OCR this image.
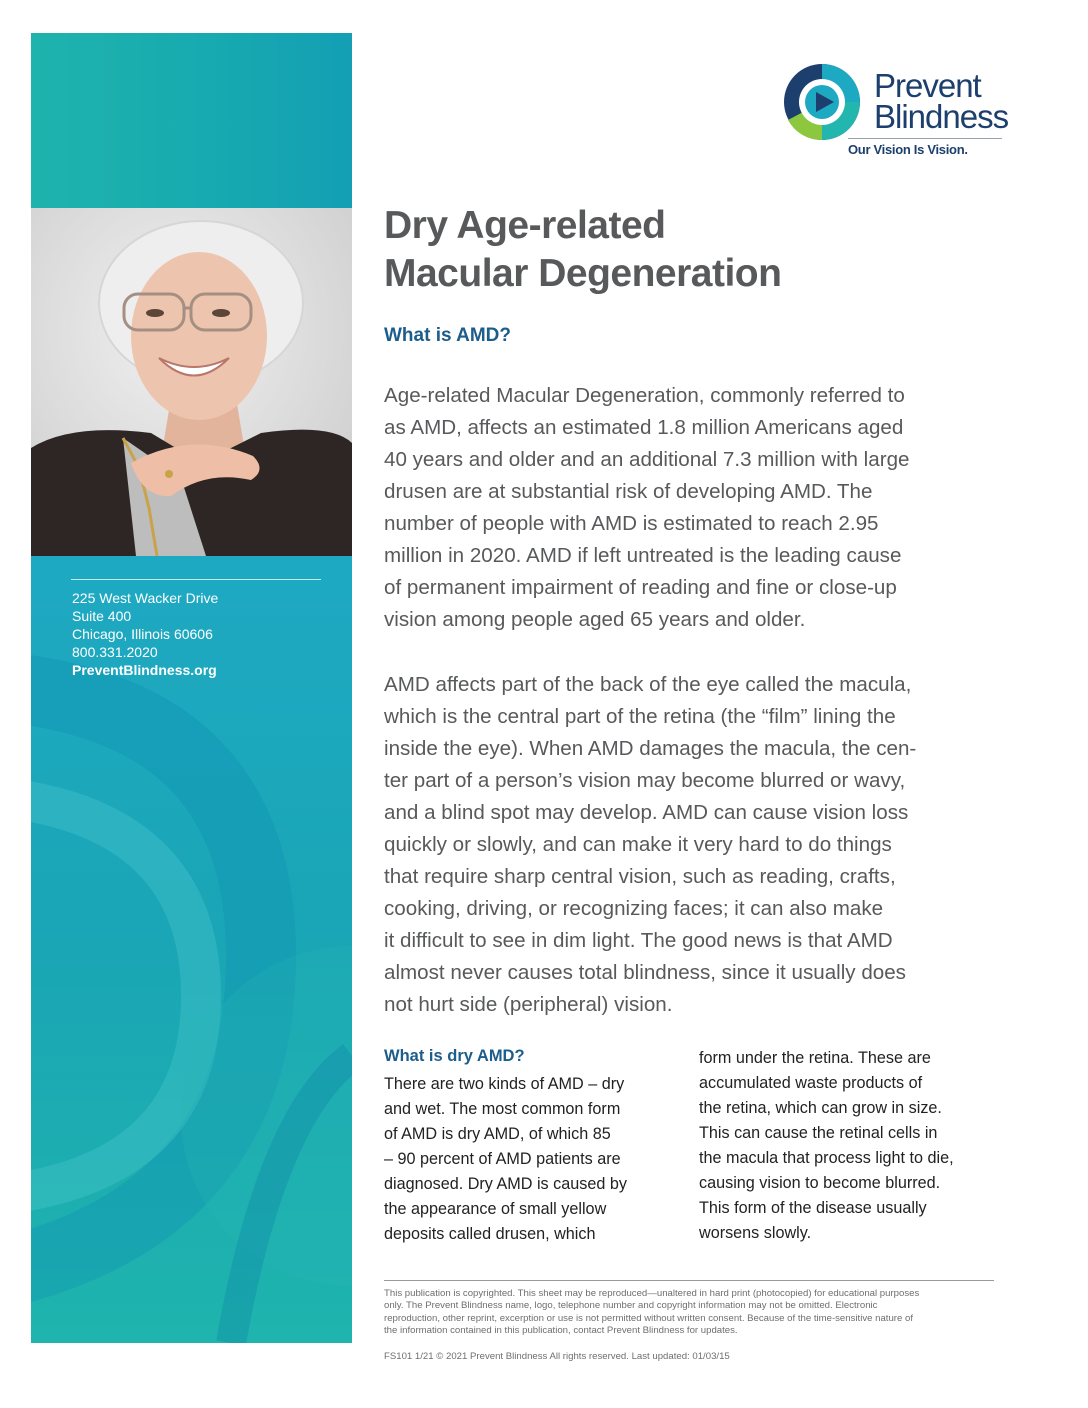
225 West Wacker Drive
Suite 400
Chicago, Illinois 60606
800.331.2020
PreventBlindness.org
Prevent
Blindness
Our Vision Is Vision.
Dry Age-related
Macular Degeneration
What is AMD?

Age-related Macular Degeneration, commonly referred to
as AMD, affects an estimated 1.8 million Americans aged
40 years and older and an additional 7.3 million with large
drusen are at substantial risk of developing AMD. The
number of people with AMD is estimated to reach 2.95
million in 2020. AMD if left untreated is the leading cause
of permanent impairment of reading and fine or close-up
vision among people aged 65 years and older.

AMD affects part of the back of the eye called the macula,
which is the central part of the retina (the “film” lining the
inside the eye). When AMD damages the macula, the cen-
ter part of a person’s vision may become blurred or wavy,
and a blind spot may develop. AMD can cause vision loss
quickly or slowly, and can make it very hard to do things
that require sharp central vision, such as reading, crafts,
cooking, driving, or recognizing faces; it can also make
it difficult to see in dim light. The good news is that AMD
almost never causes total blindness, since it usually does
not hurt side (peripheral) vision.

What is dry AMD?

There are two kinds of AMD – dry
and wet. The most common form
of AMD is dry AMD, of which 85
– 90 percent of AMD patients are
diagnosed. Dry AMD is caused by
the appearance of small yellow
deposits called drusen, which

form under the retina. These are
accumulated waste products of
the retina, which can grow in size.
This can cause the retinal cells in
the macula that process light to die,
causing vision to become blurred.
This form of the disease usually
worsens slowly.

This publication is copyrighted. This sheet may be reproduced—unaltered in hard print (photocopied) for educational purposes
only. The Prevent Blindness name, logo, telephone number and copyright information may not be omitted. Electronic
reproduction, other reprint, excerption or use is not permitted without written consent. Because of the time-sensitive nature of
the information contained in this publication, contact Prevent Blindness for updates.

FS101 1/21 © 2021 Prevent Blindness All rights reserved. Last updated: 01/03/15
